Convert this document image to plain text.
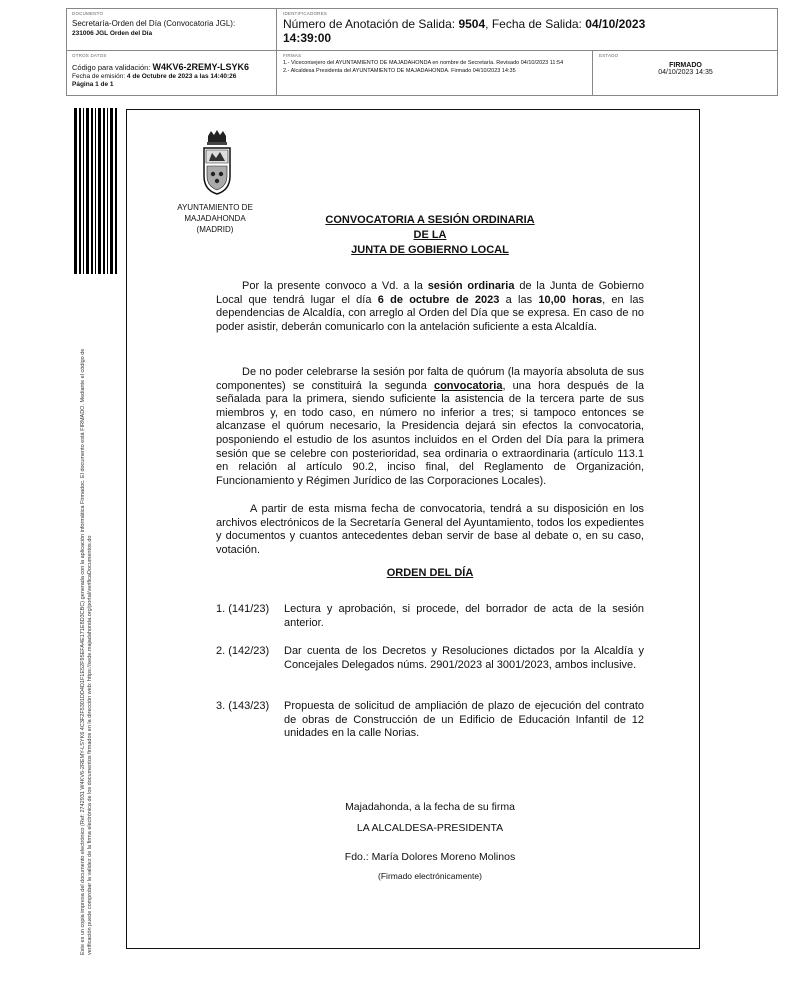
DOCUMENTO
Secretaría-Orden del Día (Convocatoria JGL):
231006 JGL Orden del Día
IDENTIFICADORES
Número de Anotación de Salida: 9504, Fecha de Salida: 04/10/2023
14:39:00
OTROS DATOS
Código para validación: W4KV6-2REMY-LSYK6
Fecha de emisión: 4 de Octubre de 2023 a las 14:40:26
Página 1 de 1
FIRMAS
1.- Viceconsejero del AYUNTAMIENTO DE MAJADAHONDA en nombre de Secretaría. Revisado 04/10/2023 11:54
2.- Alcaldesa Presidenta del AYUNTAMIENTO DE MAJADAHONDA. Firmado 04/10/2023 14:35
ESTADO
FIRMADO
04/10/2023 14:35
Este es un copia impresa del documento electrónico (Ref: 2742931 W4KV6-2REMY-LSYK6 4C3F2F5301DD4D1F1E52F95EFA4E171E8D3CBC) generada con la aplicación informática Firmadoc. El documento está FIRMADO. Mediante el código de verificación puede comprobar la validez de la firma electrónica de los documentos firmados en la dirección web: https://sede.majadahonda.org/portal/verificaDocumentos.do
AYUNTAMIENTO DE
MAJADAHONDA
(MADRID)
CONVOCATORIA A SESIÓN ORDINARIA
DE LA
JUNTA DE GOBIERNO LOCAL
Por la presente convoco a Vd. a la sesión ordinaria de la Junta de Gobierno Local que tendrá lugar el día 6 de octubre de 2023 a las 10,00 horas, en las dependencias de Alcaldía, con arreglo al Orden del Día que se expresa. En caso de no poder asistir, deberán comunicarlo con la antelación suficiente a esta Alcaldía.
De no poder celebrarse la sesión por falta de quórum (la mayoría absoluta de sus componentes) se constituirá la segunda convocatoria, una hora después de la señalada para la primera, siendo suficiente la asistencia de la tercera parte de sus miembros y, en todo caso, en número no inferior a tres; si tampoco entonces se alcanzase el quórum necesario, la Presidencia dejará sin efectos la convocatoria, posponiendo el estudio de los asuntos incluidos en el Orden del Día para la primera sesión que se celebre con posterioridad, sea ordinaria o extraordinaria (artículo 113.1 en relación al artículo 90.2, inciso final, del Reglamento de Organización, Funcionamiento y Régimen Jurídico de las Corporaciones Locales).
A partir de esta misma fecha de convocatoria, tendrá a su disposición en los archivos electrónicos de la Secretaría General del Ayuntamiento, todos los expedientes y documentos y cuantos antecedentes deban servir de base al debate o, en su caso, votación.
ORDEN DEL DÍA
1. (141/23) Lectura y aprobación, si procede, del borrador de acta de la sesión anterior.
2. (142/23) Dar cuenta de los Decretos y Resoluciones dictados por la Alcaldía y Concejales Delegados núms. 2901/2023 al 3001/2023, ambos inclusive.
3. (143/23) Propuesta de solicitud de ampliación de plazo de ejecución del contrato de obras de Construcción de un Edificio de Educación Infantil de 12 unidades en la calle Norias.
Majadahonda, a la fecha de su firma
LA ALCALDESA-PRESIDENTA
Fdo.: María Dolores Moreno Molinos
(Firmado electrónicamente)
